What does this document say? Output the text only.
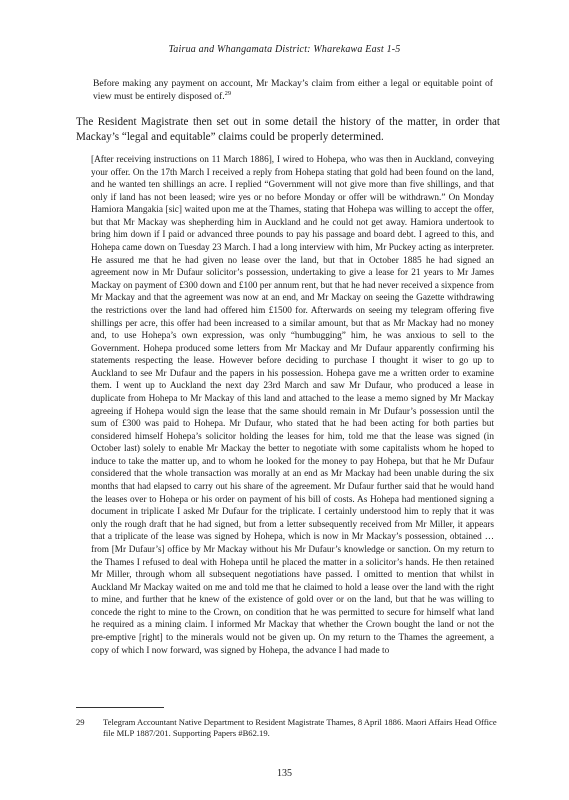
Tairua and Whangamata District: Wharekawa East 1-5
Before making any payment on account, Mr Mackay’s claim from either a legal or equitable point of view must be entirely disposed of.$^{29}$
The Resident Magistrate then set out in some detail the history of the matter, in order that Mackay’s “legal and equitable” claims could be properly determined.

[After receiving instructions on 11 March 1886], I wired to Hohepa, who was then in Auckland, conveying your offer. On the 17th March I received a reply from Hohepa stating that gold had been found on the land, and he wanted ten shillings an acre. I replied “Government will not give more than five shillings, and that only if land has not been leased; wire yes or no before Monday or offer will be withdrawn.” On Monday Hamiora Mangakia [sic] waited upon me at the Thames, stating that Hohepa was willing to accept the offer, but that Mr Mackay was shepherding him in Auckland and he could not get away. Hamiora undertook to bring him down if I paid or advanced three pounds to pay his passage and board debt. I agreed to this, and Hohepa came down on Tuesday 23 March. I had a long interview with him, Mr Puckey acting as interpreter. He assured me that he had given no lease over the land, but that in October 1885 he had signed an agreement now in Mr Dufaur solicitor’s possession, undertaking to give a lease for 21 years to Mr James Mackay on payment of £300 down and £100 per annum rent, but that he had never received a sixpence from Mr Mackay and that the agreement was now at an end, and Mr Mackay on seeing the Gazette withdrawing the restrictions over the land had offered him £1500 for. Afterwards on seeing my telegram offering five shillings per acre, this offer had been increased to a similar amount, but that as Mr Mackay had no money and, to use Hohepa’s own expression, was only “humbugging” him, he was anxious to sell to the Government. Hohepa produced some letters from Mr Mackay and Mr Dufaur apparently confirming his statements respecting the lease. However before deciding to purchase I thought it wiser to go up to Auckland to see Mr Dufaur and the papers in his possession. Hohepa gave me a written order to examine them. I went up to Auckland the next day 23rd March and saw Mr Dufaur, who produced a lease in duplicate from Hohepa to Mr Mackay of this land and attached to the lease a memo signed by Mr Mackay agreeing if Hohepa would sign the lease that the same should remain in Mr Dufaur’s possession until the sum of £300 was paid to Hohepa. Mr Dufaur, who stated that he had been acting for both parties but considered himself Hohepa’s solicitor holding the leases for him, told me that the lease was signed (in October last) solely to enable Mr Mackay the better to negotiate with some capitalists whom he hoped to induce to take the matter up, and to whom he looked for the money to pay Hohepa, but that he Mr Dufaur considered that the whole transaction was morally at an end as Mr Mackay had been unable during the six months that had elapsed to carry out his share of the agreement. Mr Dufaur further said that he would hand the leases over to Hohepa or his order on payment of his bill of costs. As Hohepa had mentioned signing a document in triplicate I asked Mr Dufaur for the triplicate. I certainly understood him to reply that it was only the rough draft that he had signed, but from a letter subsequently received from Mr Miller, it appears that a triplicate of the lease was signed by Hohepa, which is now in Mr Mackay’s possession, obtained … from [Mr Dufaur’s] office by Mr Mackay without his Mr Dufaur’s knowledge or sanction. On my return to the Thames I refused to deal with Hohepa until he placed the matter in a solicitor’s hands. He then retained Mr Miller, through whom all subsequent negotiations have passed. I omitted to mention that whilst in Auckland Mr Mackay waited on me and told me that he claimed to hold a lease over the land with the right to mine, and further that he knew of the existence of gold over or on the land, but that he was willing to concede the right to mine to the Crown, on condition that he was permitted to secure for himself what land he required as a mining claim. I informed Mr Mackay that whether the Crown bought the land or not the pre-emptive [right] to the minerals would not be given up. On my return to the Thames the agreement, a copy of which I now forward, was signed by Hohepa, the advance I had made to

29 Telegram Accountant Native Department to Resident Magistrate Thames, 8 April 1886. Maori Affairs Head Office file MLP 1887/201. Supporting Papers #B62.19.
135
